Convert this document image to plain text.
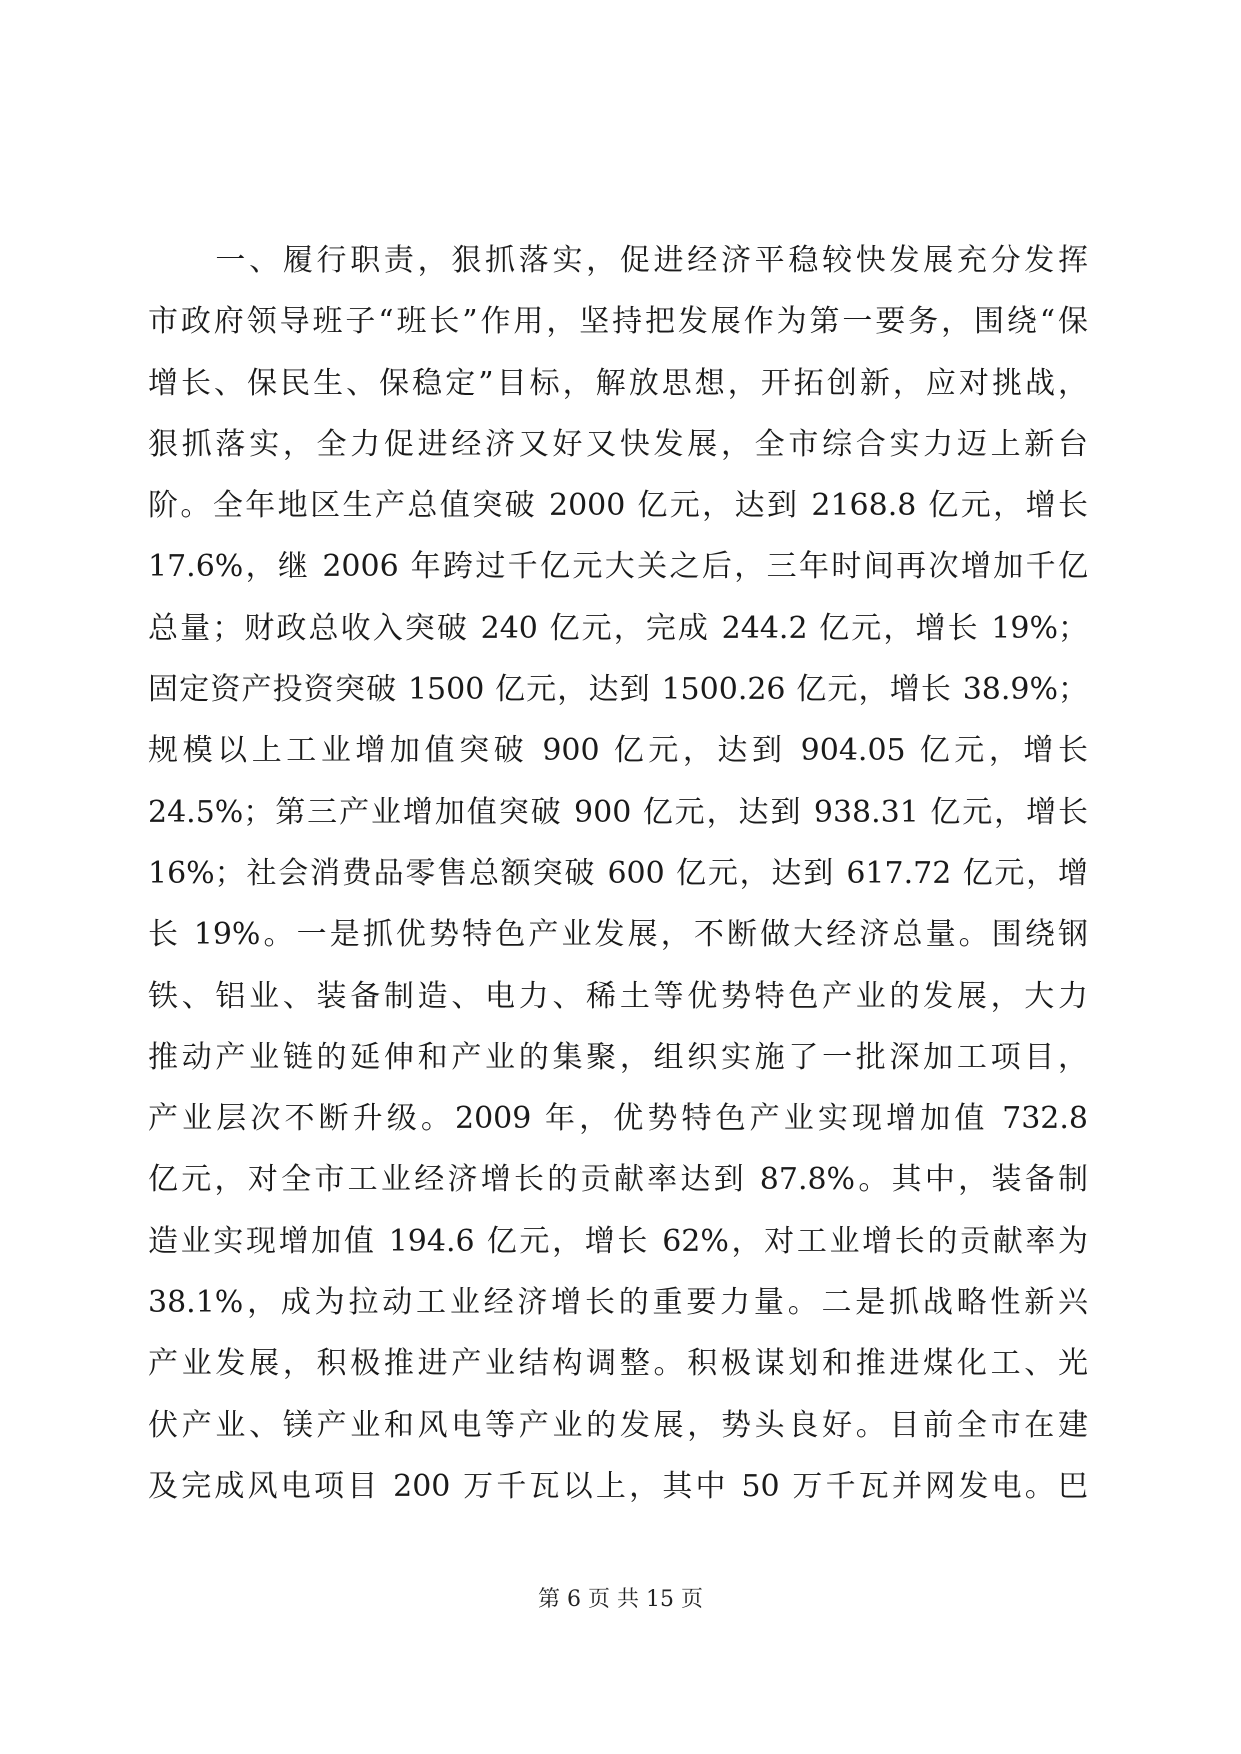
　　一、履行职责，狠抓落实，促进经济平稳较快发展充分发挥
市政府领导班子“班长”作用，坚持把发展作为第一要务，围绕“保
增长、保民生、保稳定”目标，解放思想，开拓创新，应对挑战，
狠抓落实，全力促进经济又好又快发展，全市综合实力迈上新台
阶。全年地区生产总值突破 2000 亿元，达到 2168.8 亿元，增长
17.6%，继 2006 年跨过千亿元大关之后，三年时间再次增加千亿
总量；财政总收入突破 240 亿元，完成 244.2 亿元，增长 19%；
固定资产投资突破 1500 亿元，达到 1500.26 亿元，增长 38.9%；
规模以上工业增加值突破 900 亿元，达到 904.05 亿元，增长
24.5%；第三产业增加值突破 900 亿元，达到 938.31 亿元，增长
16%；社会消费品零售总额突破 600 亿元，达到 617.72 亿元，增
长 19%。一是抓优势特色产业发展，不断做大经济总量。围绕钢
铁、铝业、装备制造、电力、稀土等优势特色产业的发展，大力
推动产业链的延伸和产业的集聚，组织实施了一批深加工项目，
产业层次不断升级。2009 年，优势特色产业实现增加值 732.8
亿元，对全市工业经济增长的贡献率达到 87.8%。其中，装备制
造业实现增加值 194.6 亿元，增长 62%，对工业增长的贡献率为
38.1%，成为拉动工业经济增长的重要力量。二是抓战略性新兴
产业发展，积极推进产业结构调整。积极谋划和推进煤化工、光
伏产业、镁产业和风电等产业的发展，势头良好。目前全市在建
及完成风电项目 200 万千瓦以上，其中 50 万千瓦并网发电。巴
第 6 页 共 15 页
